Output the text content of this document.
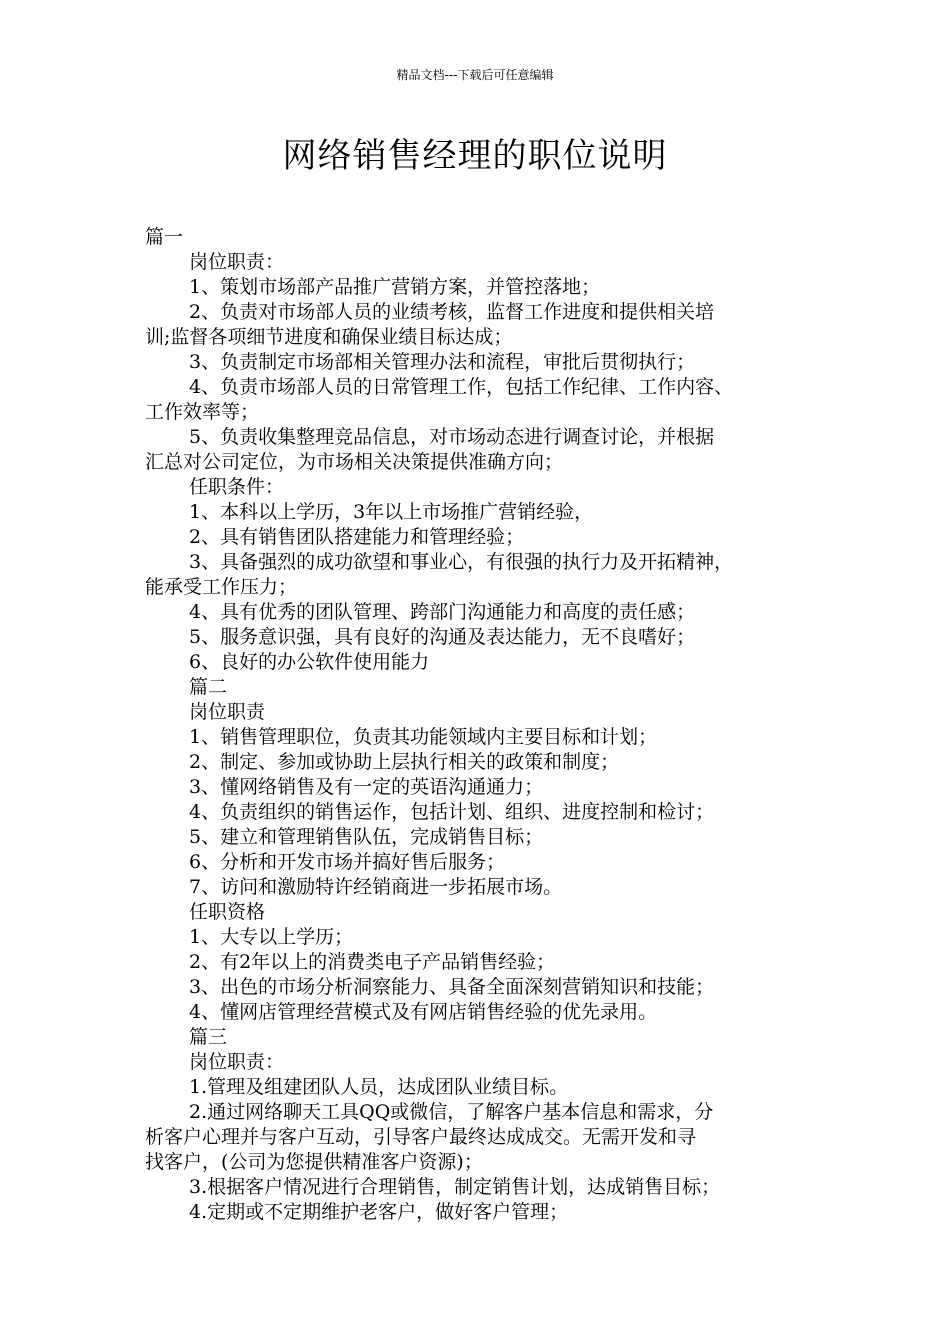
精品文档---下载后可任意编辑
网络销售经理的职位说明
篇一
岗位职责：
1、策划市场部产品推广营销方案，并管控落地；
2、负责对市场部人员的业绩考核，监督工作进度和提供相关培
训;监督各项细节进度和确保业绩目标达成；
3、负责制定市场部相关管理办法和流程，审批后贯彻执行；
4、负责市场部人员的日常管理工作，包括工作纪律、工作内容、
工作效率等；
5、负责收集整理竞品信息，对市场动态进行调查讨论，并根据
汇总对公司定位，为市场相关决策提供准确方向；
任职条件：
1、本科以上学历，3年以上市场推广营销经验，
2、具有销售团队搭建能力和管理经验；
3、具备强烈的成功欲望和事业心，有很强的执行力及开拓精神，
能承受工作压力；
4、具有优秀的团队管理、跨部门沟通能力和高度的责任感；
5、服务意识强，具有良好的沟通及表达能力，无不良嗜好；
6、良好的办公软件使用能力
篇二
岗位职责
1、销售管理职位，负责其功能领域内主要目标和计划；
2、制定、参加或协助上层执行相关的政策和制度；
3、懂网络销售及有一定的英语沟通通力；
4、负责组织的销售运作，包括计划、组织、进度控制和检讨；
5、建立和管理销售队伍，完成销售目标；
6、分析和开发市场并搞好售后服务；
7、访问和激励特许经销商进一步拓展市场。
任职资格
1、大专以上学历；
2、有2年以上的消费类电子产品销售经验；
3、出色的市场分析洞察能力、具备全面深刻营销知识和技能；
4、懂网店管理经营模式及有网店销售经验的优先录用。
篇三
岗位职责：
1.管理及组建团队人员，达成团队业绩目标。
2.通过网络聊天工具QQ或微信，了解客户基本信息和需求，分
析客户心理并与客户互动，引导客户最终达成成交。无需开发和寻
找客户，(公司为您提供精准客户资源)；
3.根据客户情况进行合理销售，制定销售计划，达成销售目标；
4.定期或不定期维护老客户，做好客户管理；
